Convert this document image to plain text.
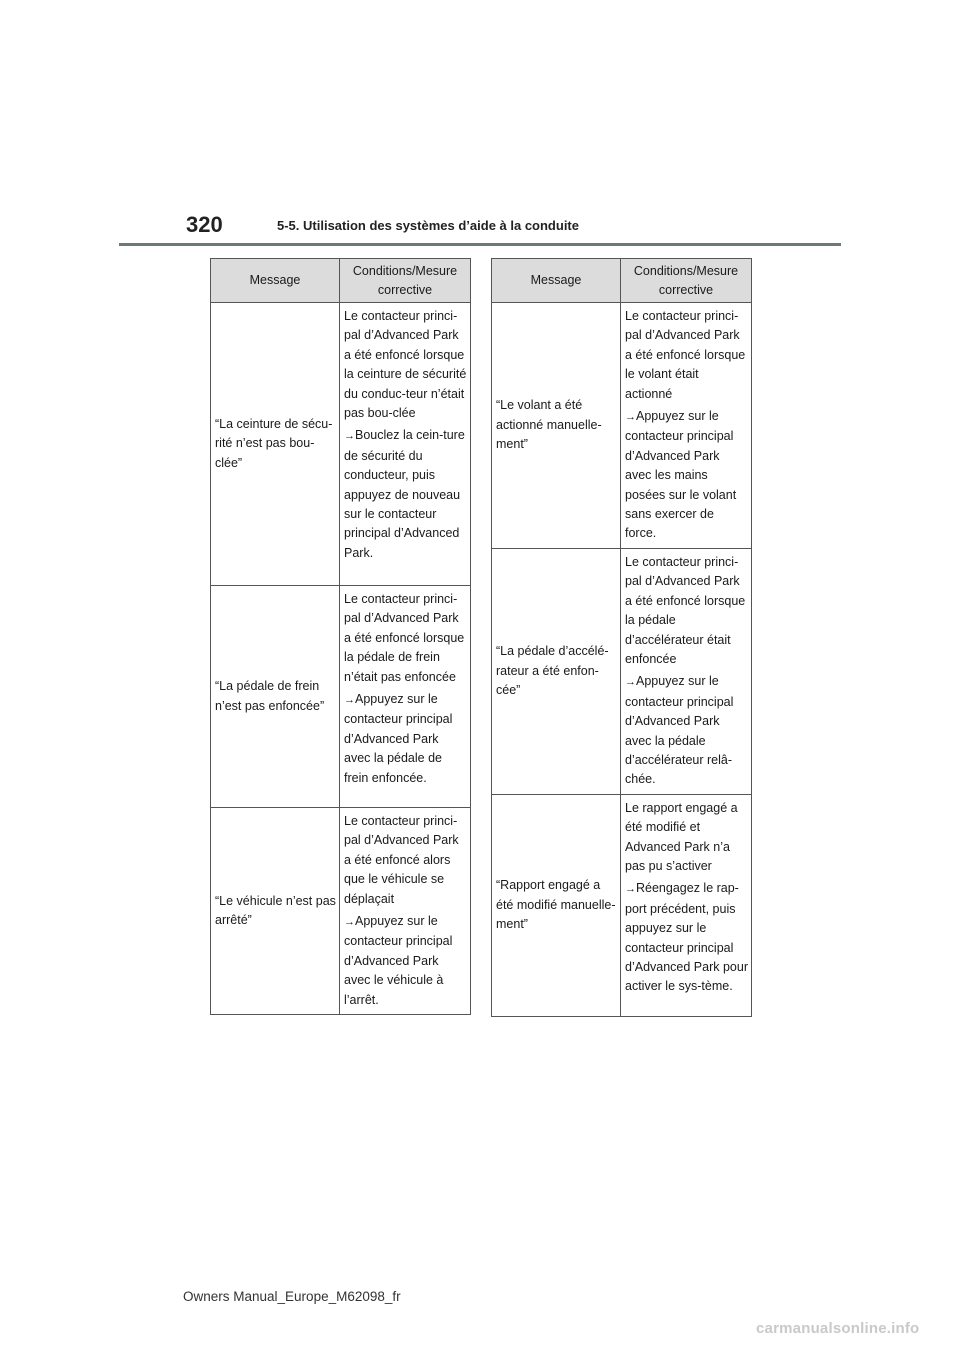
320	5-5. Utilisation des systèmes d’aide à la conduite
Message	Conditions/Mesure corrective
“La ceinture de sécu-rité n’est pas bou-clée”	Le contacteur princi-pal d’Advanced Park a été enfoncé lorsque la ceinture de sécurité du conduc-teur n’était pas bou-clée

→Bouclez la cein-ture de sécurité du conducteur, puis appuyez de nouveau sur le contacteur principal d’Advanced Park.

“La pédale de frein n’est pas enfoncée”	Le contacteur princi-pal d’Advanced Park a été enfoncé lorsque la pédale de frein n’était pas enfoncée

→Appuyez sur le contacteur principal d’Advanced Park avec la pédale de frein enfoncée.

“Le véhicule n’est pas arrêté”	Le contacteur princi-pal d’Advanced Park a été enfoncé alors que le véhicule se déplaçait

→Appuyez sur le contacteur principal d’Advanced Park avec le véhicule à l’arrêt.

Message	Conditions/Mesure corrective
“Le volant a été actionné manuelle-ment”	Le contacteur princi-pal d’Advanced Park a été enfoncé lorsque le volant était actionné

→Appuyez sur le contacteur principal d’Advanced Park avec les mains posées sur le volant sans exercer de force.

“La pédale d’accélé-rateur a été enfon-cée”	Le contacteur princi-pal d’Advanced Park a été enfoncé lorsque la pédale d’accélérateur était enfoncée

→Appuyez sur le contacteur principal d’Advanced Park avec la pédale d’accélérateur relâ-chée.

“Rapport engagé a été modifié manuelle-ment”	Le rapport engagé a été modifié et Advanced Park n’a pas pu s’activer

→Réengagez le rap-port précédent, puis appuyez sur le contacteur principal d’Advanced Park pour activer le sys-tème.

Owners Manual_Europe_M62098_fr
carmanualsonline.info
